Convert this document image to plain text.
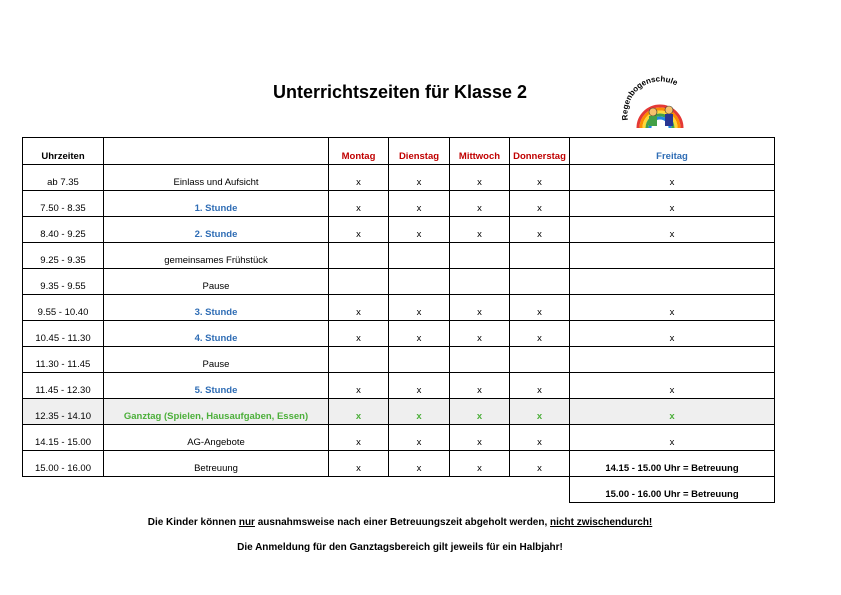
Unterrichtszeiten für Klasse 2
Regenbogenschule
Uhrzeiten		Montag	Dienstag	Mittwoch	Donnerstag	Freitag
ab 7.35	Einlass und Aufsicht	x	x	x	x	x
7.50 - 8.35	1. Stunde	x	x	x	x	x
8.40 - 9.25	2. Stunde	x	x	x	x	x
9.25 - 9.35	gemeinsames Frühstück					
9.35 - 9.55	Pause					
9.55 - 10.40	3. Stunde	x	x	x	x	x
10.45 - 11.30	4. Stunde	x	x	x	x	x
11.30 - 11.45	Pause					
11.45 - 12.30	5. Stunde	x	x	x	x	x
12.35 - 14.10	Ganztag (Spielen, Hausaufgaben, Essen)	x	x	x	x	x
14.15 - 15.00	AG-Angebote	x	x	x	x	x
15.00 - 16.00	Betreuung	x	x	x	x	14.15 - 15.00 Uhr = Betreuung
						15.00 - 16.00 Uhr = Betreuung
Die Kinder können nur ausnahmsweise nach einer Betreuungszeit abgeholt werden, nicht zwischendurch!
Die Anmeldung für den Ganztagsbereich gilt jeweils für ein Halbjahr!
